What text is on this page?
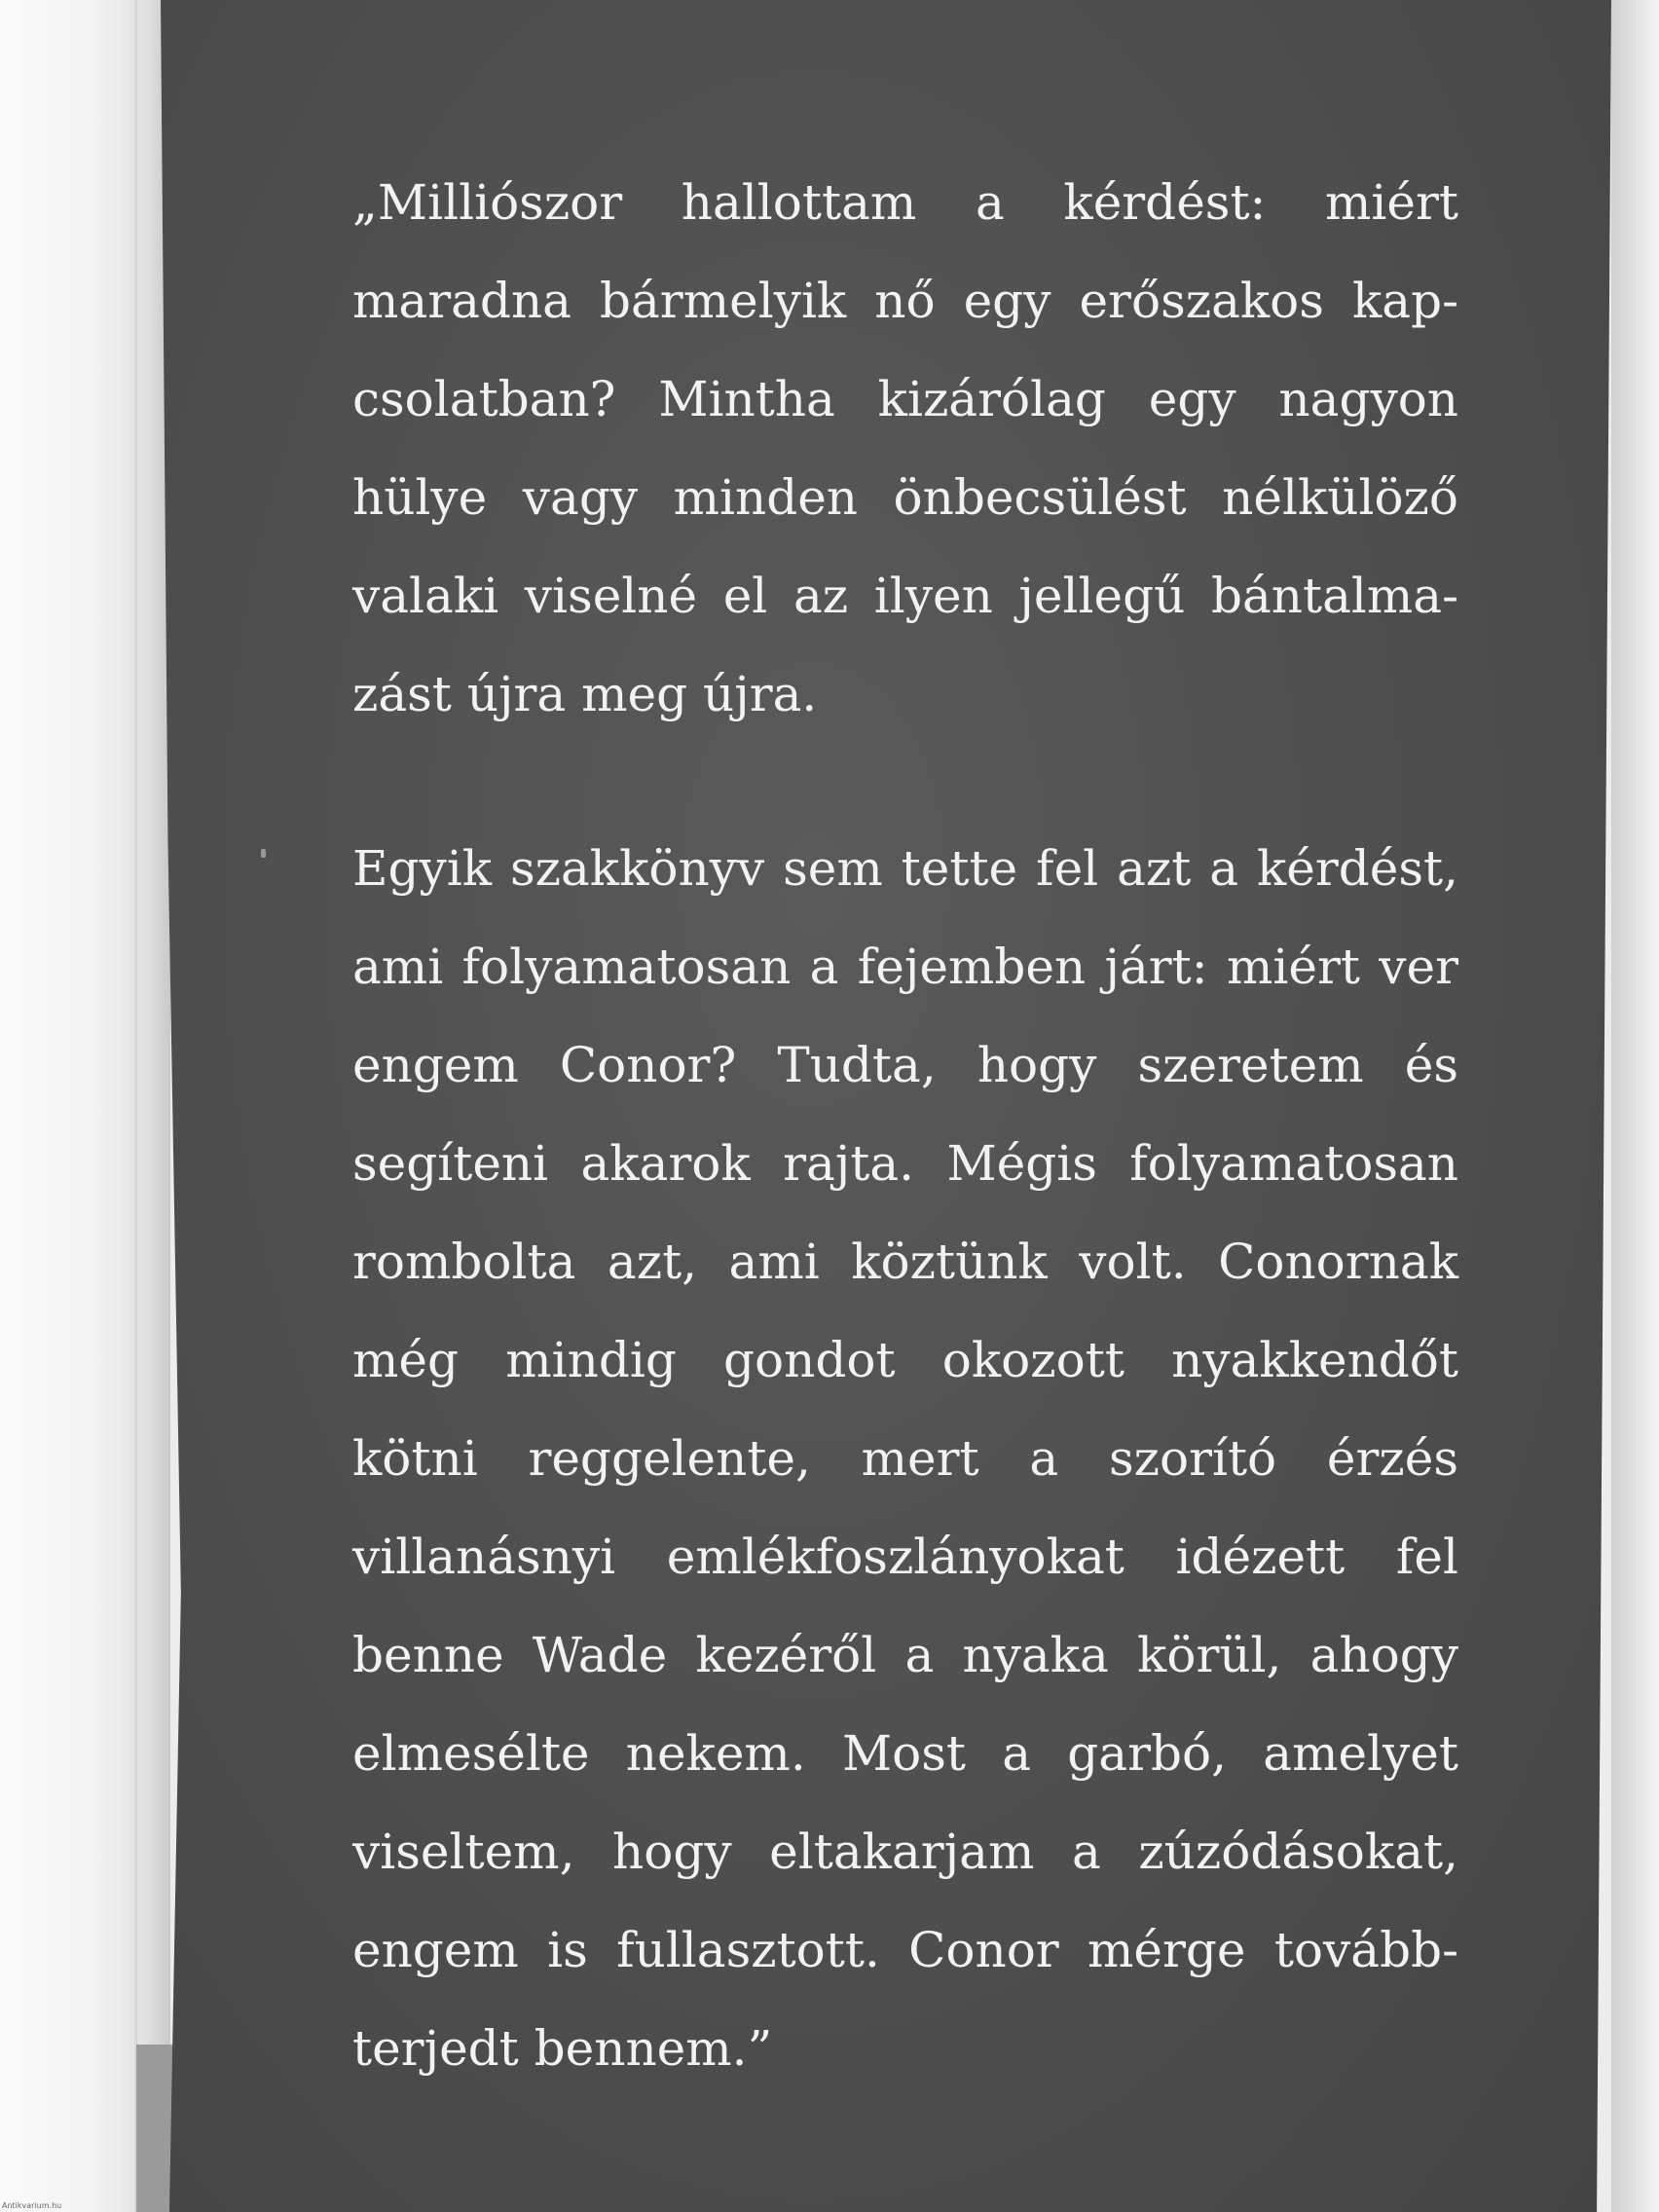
„Milliószor hallottam a kérdést: miért maradna bármelyik nő egy erőszakos kapcsolatban? Mintha kizárólag egy nagyon hülye vagy minden önbecsülést nélkülöző valaki viselné el az ilyen jellegű bántalmazást újra meg újra.

Egyik szakkönyv sem tette fel azt a kérdést, ami folyamatosan a fejemben járt: miért ver engem Conor? Tudta, hogy szeretem és segíteni akarok rajta. Mégis folyamatosan rombolta azt, ami köztünk volt. Conornak még mindig gondot okozott nyakkendőt kötni reggelente, mert a szorító érzés villanásnyi emlékfoszlányokat idézett fel benne Wade kezéről a nyaka körül, ahogy elmesélte nekem. Most a garbó, amelyet viseltem, hogy eltakarjam a zúzódásokat, engem is fullasztott. Conor mérge továbbterjedt bennem.”

Antikvarium.hu
